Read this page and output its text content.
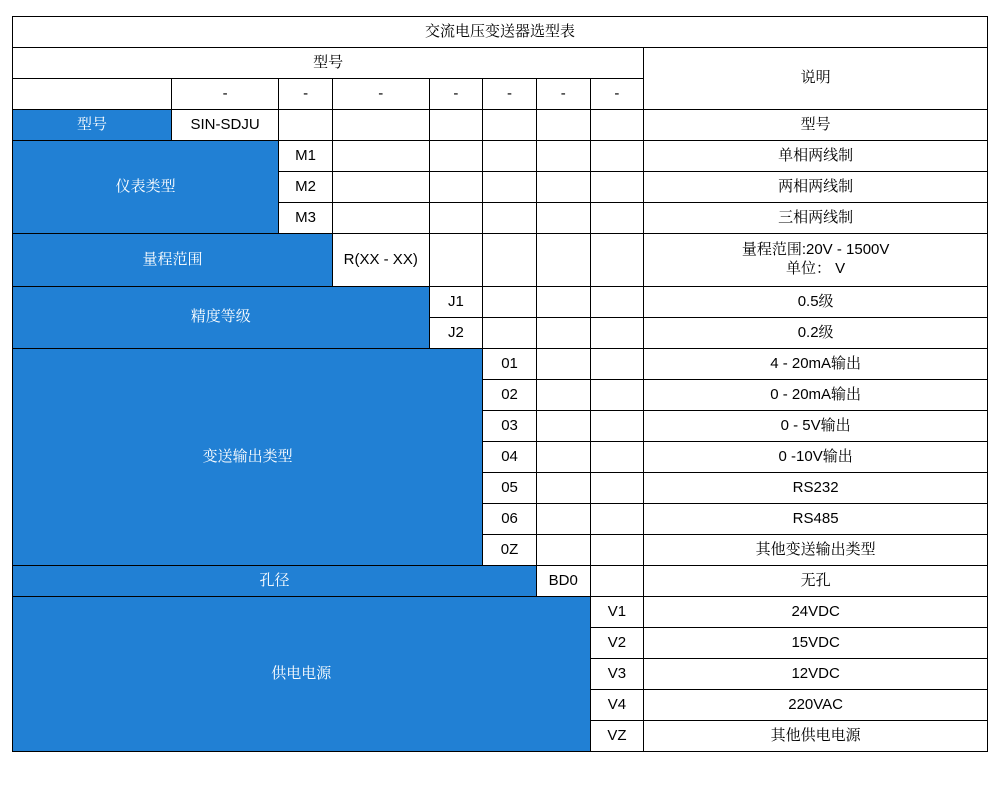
交流电压变送器选型表								
型号								说明
	-	-	-	-	-	-	-	
型号	SIN-SDJU							型号
仪表类型		M1						单相两线制
		M2						两相两线制
		M3						三相两线制
量程范围			R(XX - XX)					量程范围:20V - 1500V
单位： V

精度等级				J1				0.5级
				J2				0.2级
变送输出类型					01			4 - 20mA输出
					02			0 - 20mA输出
					03			0 - 5V输出
					04			0 -10V输出
					05			RS232
					06			RS485
					0Z			其他变送输出类型
孔径						BD0		无孔
供电电源							V1	24VDC
							V2	15VDC
							V3	12VDC
							V4	220VAC
							VZ	其他供电电源
